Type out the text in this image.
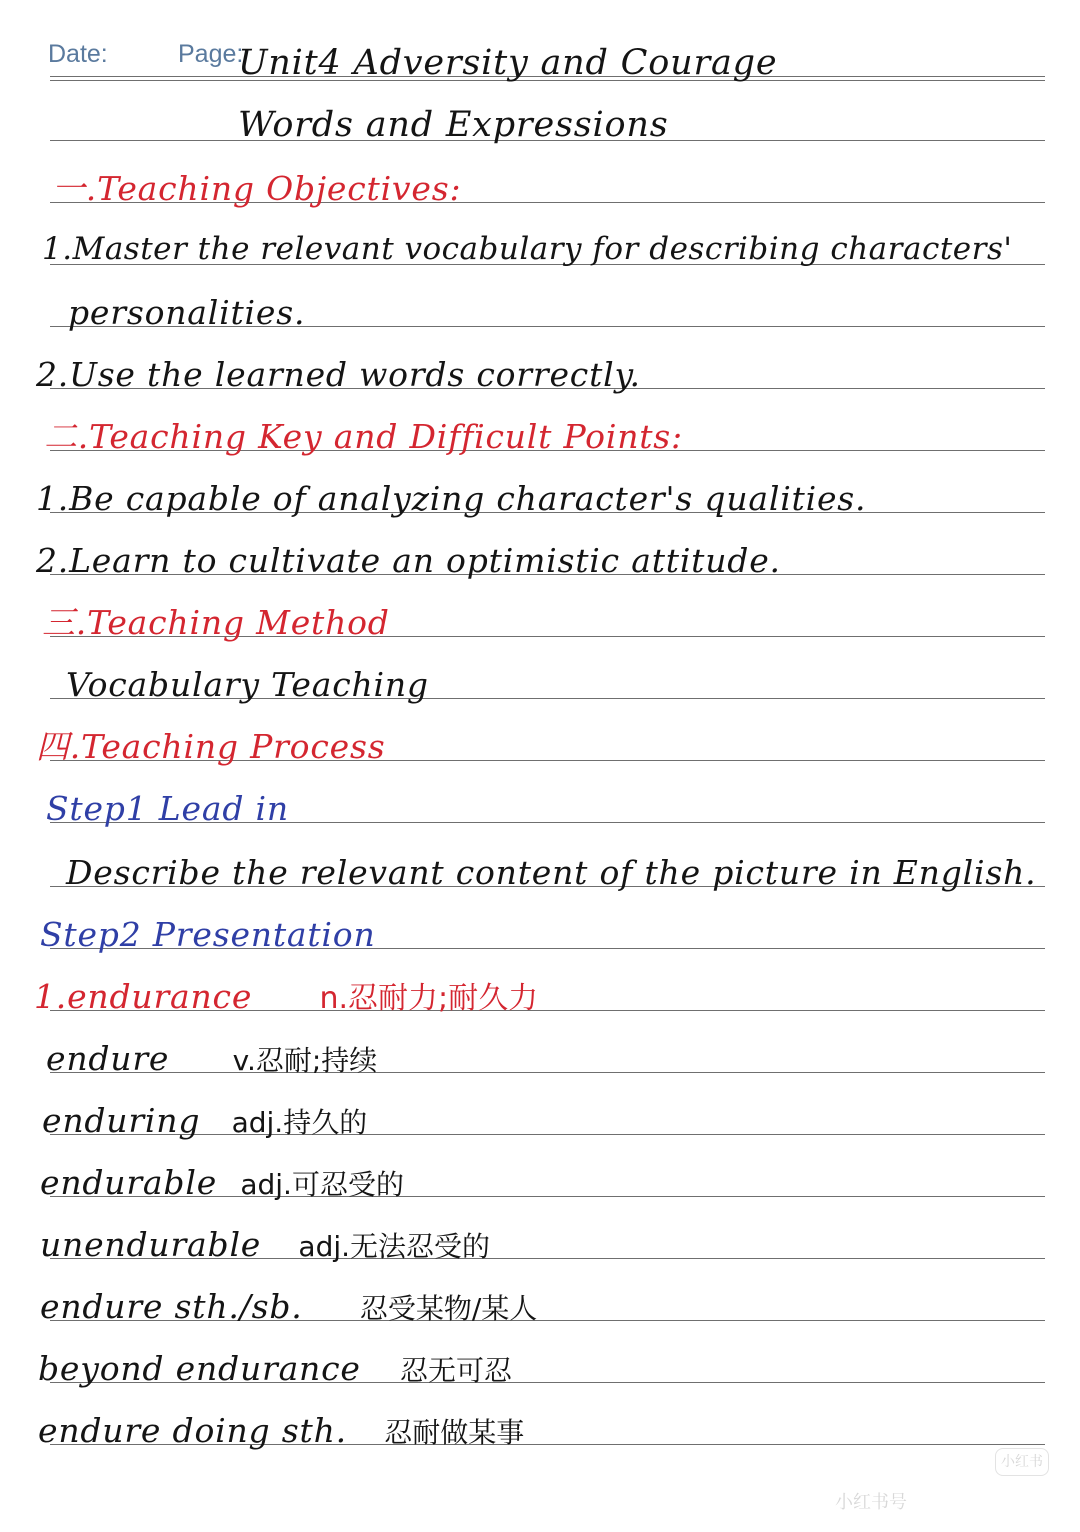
Date:	Page:
Unit4 Adversity and Courage
Words and Expressions
一.Teaching Objectives:
1.Master the relevant vocabulary for describing characters'
personalities.
2.Use the learned words correctly.
二.Teaching Key and Difficult Points:
1.Be capable of analyzing character's qualities.
2.Learn to cultivate an optimistic attitude.
三.Teaching Method
Vocabulary Teaching
四.Teaching Process
Step1 Lead in
Describe the relevant content of the picture in English.
Step2 Presentation
1.endurance n.忍耐力;耐久力
endure v.忍耐;持续
enduring adj.持久的
endurable adj.可忍受的
unendurable adj.无法忍受的
endure sth./sb. 忍受某物/某人
beyond endurance 忍无可忍
endure doing sth. 忍耐做某事
小红书
小红书号
